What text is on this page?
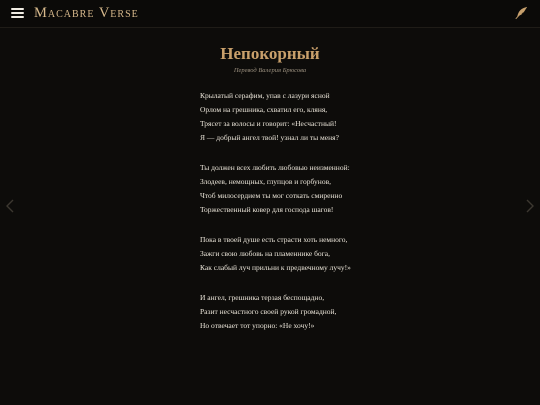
Macabre Verse
Непокорный
Перевод Валерия Брюсова
Крылатый серафим, упав с лазури ясной
Орлом на грешника, схватил его, кляня,
Трясет за волосы и говорит: «Несчастный!
Я — добрый ангел твой! узнал ли ты меня?
Ты должен всех любить любовью неизменной:
Злодеев, немощных, глупцов и горбунов,
Чтоб милосердием ты мог соткать смиренно
Торжественный ковер для господа шагов!
Пока в твоей душе есть страсти хоть немного,
Зажги свою любовь на пламеннике бога,
Как слабый луч прильни к предвечному лучу!»
И ангел, грешника терзая беспощадно,
Разит несчастного своей рукой громадной,
Но отвечает тот упорно: «Не хочу!»
